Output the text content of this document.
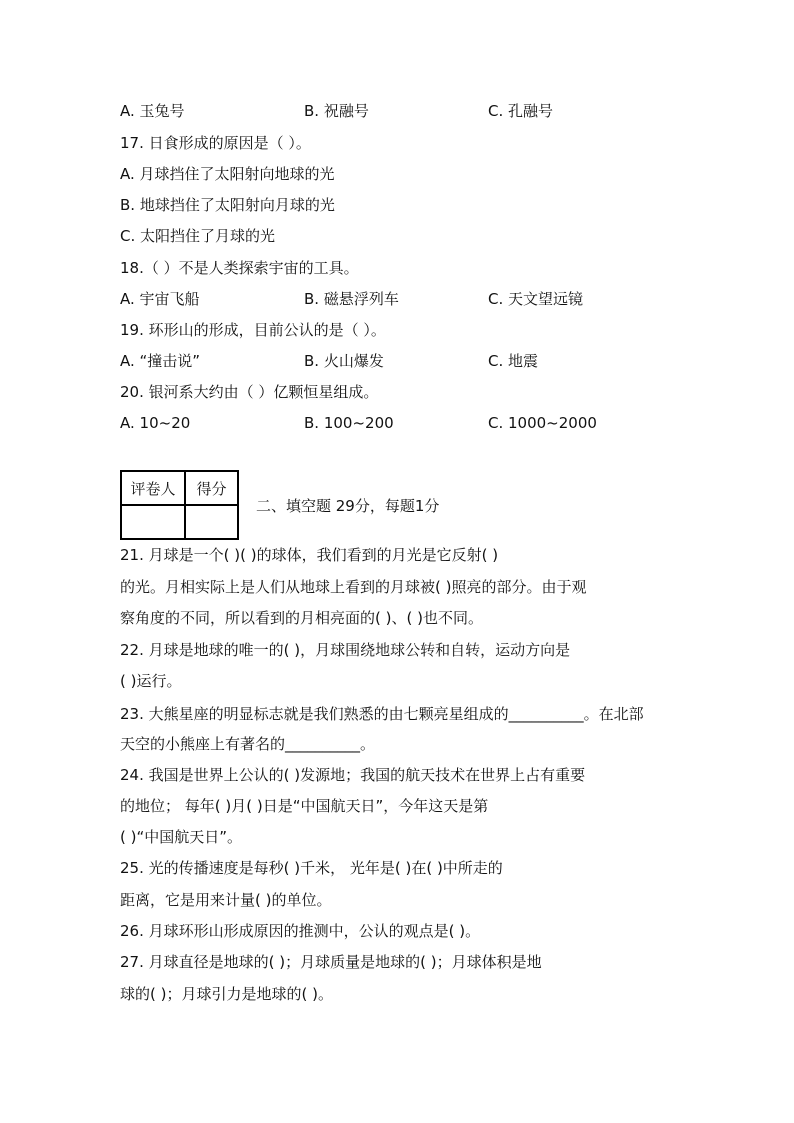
A. 玉兔号	B. 祝融号	C. 孔融号
17. 日食形成的原因是（ ）。
A. 月球挡住了太阳射向地球的光
B. 地球挡住了太阳射向月球的光
C. 太阳挡住了月球的光
18.（ ）不是人类探索宇宙的工具。
A. 宇宙飞船	B. 磁悬浮列车	C. 天文望远镜
19. 环形山的形成，目前公认的是（ ）。
A. “撞击说”	B. 火山爆发	C. 地震
20. 银河系大约由（ ）亿颗恒星组成。
A. 10~20	B. 100~200	C. 1000~2000
评卷人	得分

二、填空题 29分，每题1分
21. 月球是一个( )( )的球体，我们看到的月光是它反射( )
的光。月相实际上是人们从地球上看到的月球被( )照亮的部分。由于观
察角度的不同，所以看到的月相亮面的( )、( )也不同。
22. 月球是地球的唯一的( )，月球围绕地球公转和自转，运动方向是
( )运行。
23. 大熊星座的明显标志就是我们熟悉的由七颗亮星组成的__________。在北部
天空的小熊座上有著名的__________。
24. 我国是世界上公认的( )发源地；我国的航天技术在世界上占有重要
的地位； 每年( )月( )日是“中国航天日”，今年这天是第
( )“中国航天日”。
25. 光的传播速度是每秒( )千米， 光年是( )在( )中所走的
距离，它是用来计量( )的单位。
26. 月球环形山形成原因的推测中，公认的观点是( )。
27. 月球直径是地球的( )；月球质量是地球的( )；月球体积是地
球的( )；月球引力是地球的( )。
